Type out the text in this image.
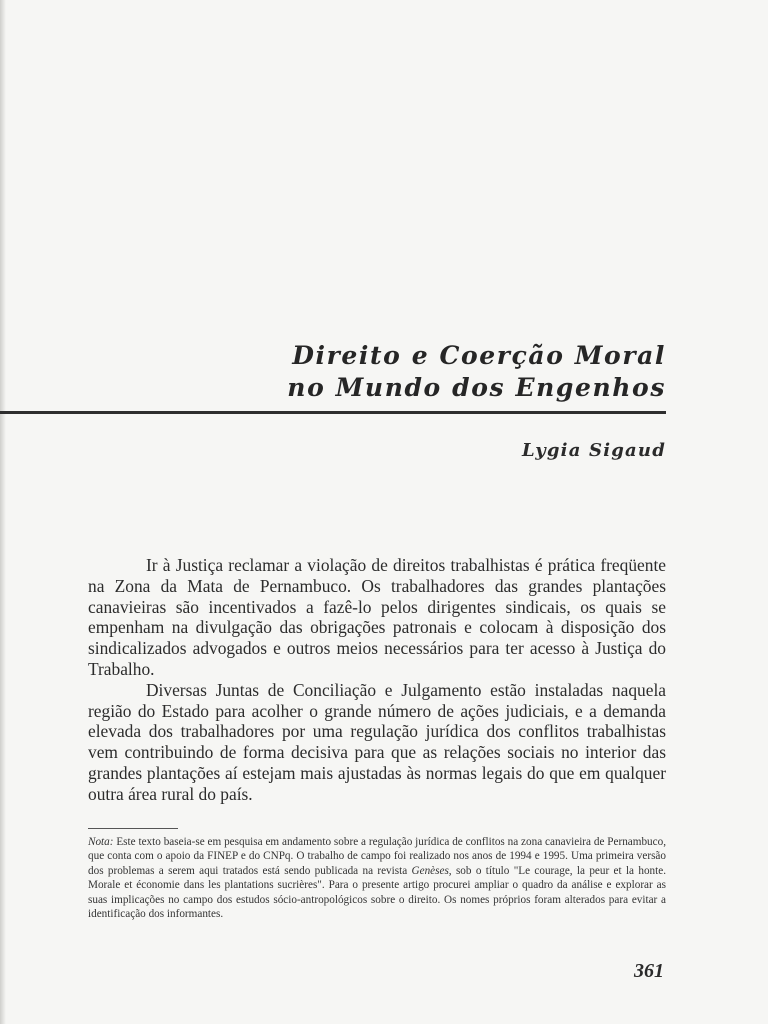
Direito e Coerção Moral
no Mundo dos Engenhos
Lygia Sigaud

Ir à Justiça reclamar a violação de direitos trabalhistas é prática freqüente na Zona da Mata de Pernambuco. Os trabalhadores das grandes plantações canavieiras são incentivados a fazê-lo pelos dirigentes sindicais, os quais se empenham na divulgação das obrigações patronais e colocam à disposição dos sindicalizados advogados e outros meios necessários para ter acesso à Justiça do Trabalho.

Diversas Juntas de Conciliação e Julgamento estão instaladas naquela região do Estado para acolher o grande número de ações judiciais, e a demanda elevada dos trabalhadores por uma regulação jurídica dos conflitos trabalhistas vem contribuindo de forma decisiva para que as relações sociais no interior das grandes plantações aí estejam mais ajustadas às normas legais do que em qualquer outra área rural do país.

Nota: Este texto baseia-se em pesquisa em andamento sobre a regulação jurídica de conflitos na zona canavieira de Pernambuco, que conta com o apoio da FINEP e do CNPq. O trabalho de campo foi realizado nos anos de 1994 e 1995. Uma primeira versão dos problemas a serem aqui tratados está sendo publicada na revista Genèses, sob o título "Le courage, la peur et la honte. Morale et économie dans les plantations sucrières". Para o presente artigo procurei ampliar o quadro da análise e explorar as suas implicações no campo dos estudos sócio-antropológicos sobre o direito. Os nomes próprios foram alterados para evitar a identificação dos informantes.
361
